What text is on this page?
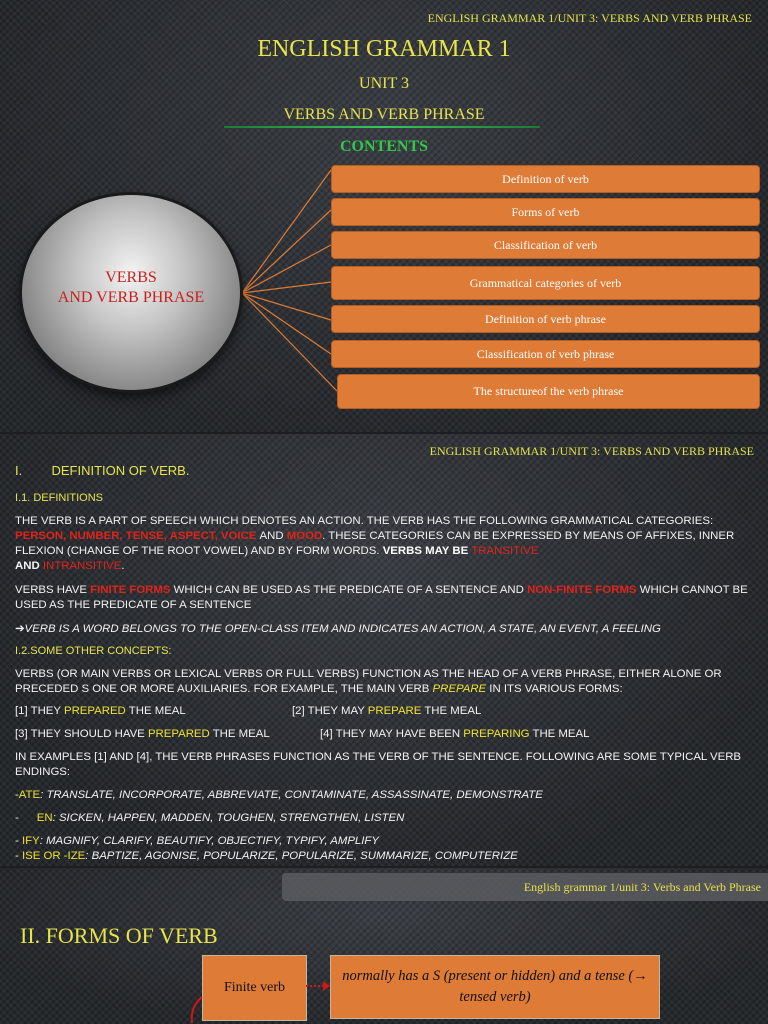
ENGLISH GRAMMAR 1/UNIT 3: VERBS AND VERB PHRASE
ENGLISH GRAMMAR 1
UNIT 3
VERBS AND VERB PHRASE
CONTENTS
VERBS
AND VERB PHRASE
Definition of verb
Forms of verb
Classification of verb
Grammatical categories of verb
Definition of verb phrase
Classification of verb phrase
The structureof the verb phrase
ENGLISH GRAMMAR 1/UNIT 3: VERBS AND VERB PHRASE
I. DEFINITION OF VERB.
I.1. DEFINITIONS
THE VERB IS A PART OF SPEECH WHICH DENOTES AN ACTION. THE VERB HAS THE FOLLOWING GRAMMATICAL CATEGORIES: PERSON, NUMBER, TENSE, ASPECT, VOICE AND MOOD. THESE CATEGORIES CAN BE EXPRESSED BY MEANS OF AFFIXES, INNER FLEXION (CHANGE OF THE ROOT VOWEL) AND BY FORM WORDS. VERBS MAY BE TRANSITIVE
AND INTRANSITIVE.
VERBS HAVE FINITE FORMS WHICH CAN BE USED AS THE PREDICATE OF A SENTENCE AND NON-FINITE FORMS WHICH CANNOT BE USED AS THE PREDICATE OF A SENTENCE
➔VERB IS A WORD BELONGS TO THE OPEN-CLASS ITEM AND INDICATES AN ACTION, A STATE, AN EVENT, A FEELING
I.2.SOME OTHER CONCEPTS:
VERBS (OR MAIN VERBS OR LEXICAL VERBS OR FULL VERBS) FUNCTION AS THE HEAD OF A VERB PHRASE, EITHER ALONE OR PRECEDED S ONE OR MORE AUXILIARIES. FOR EXAMPLE, THE MAIN VERB PREPARE IN ITS VARIOUS FORMS:
[1] THEY PREPARED THE MEAL	[2] THEY MAY PREPARE THE MEAL
[3] THEY SHOULD HAVE PREPARED THE MEAL	[4] THEY MAY HAVE BEEN PREPARING THE MEAL
IN EXAMPLES [1] AND [4], THE VERB PHRASES FUNCTION AS THE VERB OF THE SENTENCE. FOLLOWING ARE SOME TYPICAL VERB ENDINGS:
-ATE: TRANSLATE, INCORPORATE, ABBREVIATE, CONTAMINATE, ASSASSINATE, DEMONSTRATE
- EN: SICKEN, HAPPEN, MADDEN, TOUGHEN, STRENGTHEN, LISTEN
- IFY: MAGNIFY, CLARIFY, BEAUTIFY, OBJECTIFY, TYPIFY, AMPLIFY
- ISE OR -IZE: BAPTIZE, AGONISE, POPULARIZE, POPULARIZE, SUMMARIZE, COMPUTERIZE
English grammar 1/unit 3: Verbs and Verb Phrase
II. FORMS OF VERB
Finite verb
normally has a S (present or hidden) and a tense (→ tensed verb)
